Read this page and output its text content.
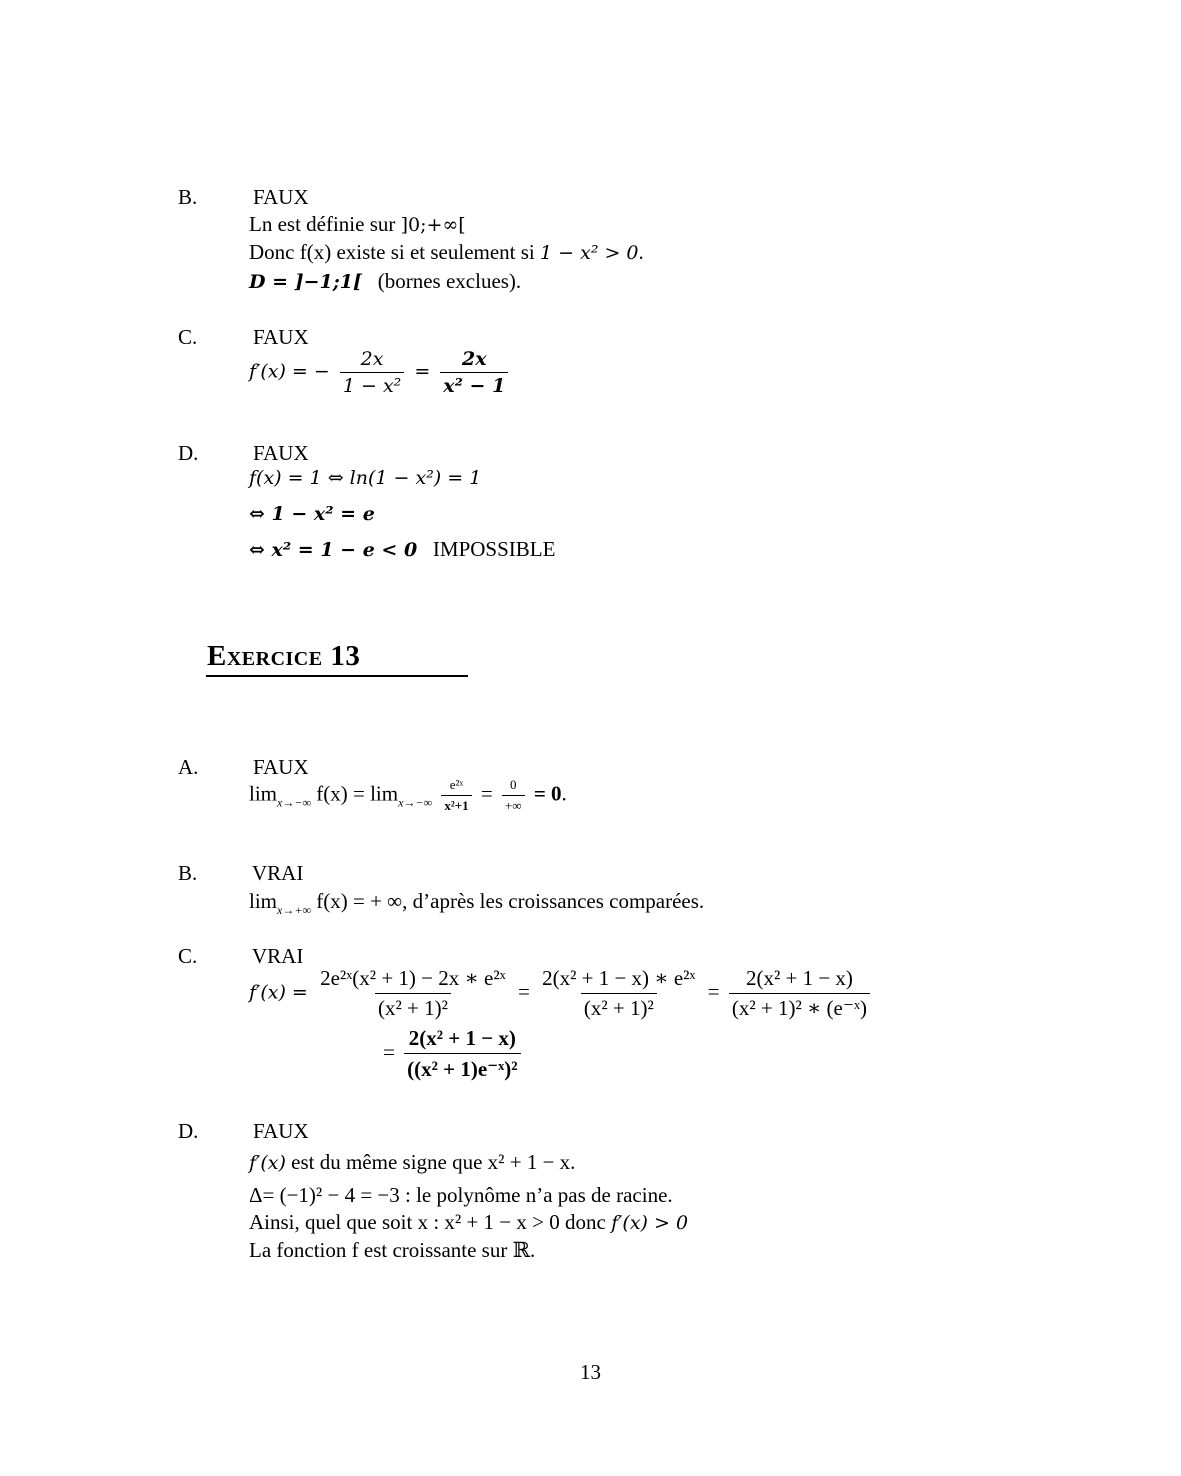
B.	FAUX
Ln est définie sur ]0;+∞[
Donc f(x) existe si et seulement si 1 − x² > 0.
D = ]−1;1[ (bornes exclues).
C.	FAUX
f′(x) = − $\frac{2x}{\text{1 − x²}} = \frac{2x}{\text{x² − 1}}$
D.	FAUX
f(x) = 1 ⇔ ln(1 − x²) = 1
⇔ 1 − x² = e
⇔ x² = 1 − e < 0 IMPOSSIBLE
Exercice 13
A.	FAUX
$\lim_{x\to-\infty} f(x) = \lim_{x\to-\infty} \frac{\text{e²ˣ}}{\text{x²+1}} = \frac{0}{+\infty} = 0$.
B.	VRAI
$\lim_{x\to+\infty} f(x)$ = + ∞, d’après les croissances comparées.
C.	VRAI
$f'(x) = \frac{\text{2e²ˣ(x² + 1) − 2x ∗ e²ˣ}}{\text{(x² + 1)²}} = \frac{\text{2(x² + 1 − x) ∗ e²ˣ}}{\text{(x² + 1)²}} = \frac{\text{2(x² + 1 − x)}}{\text{(x² + 1)² ∗ (e⁻ˣ)}}$
= $\frac{\text{2(x² + 1 − x)}}{\text{((x² + 1)e⁻ˣ)²}}$
D.	FAUX
f′(x) est du même signe que x² + 1 − x.
Δ= (−1)² − 4 = −3 : le polynôme n’a pas de racine.
Ainsi, quel que soit x : x² + 1 − x > 0 donc f′(x) > 0
La fonction f est croissante sur ℝ.
13
